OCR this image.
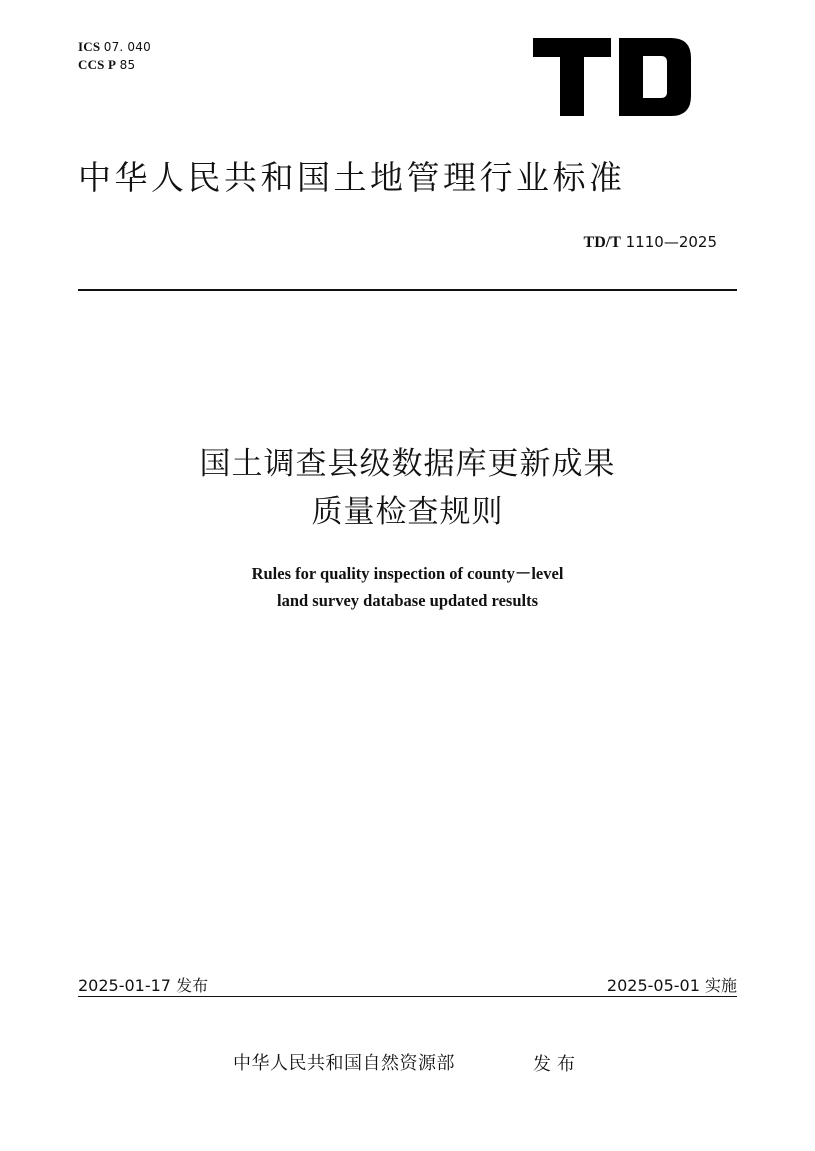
ICS 07. 040
CCS P 85
TD
中华人民共和国土地管理行业标准
TD/T 1110—2025
国土调查县级数据库更新成果
质量检查规则
Rules for quality inspection of county－level
land survey database updated results
2025-01-17 发布	2025-05-01 实施
中华人民共和国自然资源部	发布
